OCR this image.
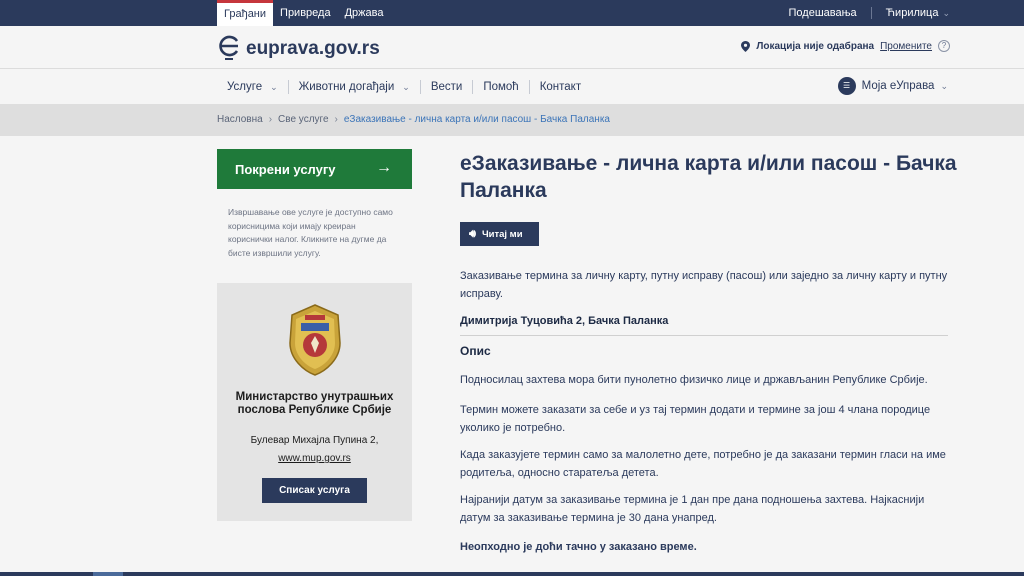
Грађани	Привреда	Држава	Подешавања	Ћирилица ⌄
euprava.gov.rs	Локација није одабрана Промените	?
Услуге ⌄ Животни догађаји ⌄ Вести Помоћ Контакт	☰ Моја еУправа ⌄
Насловна › Све услуге › еЗаказивање - лична карта и/или пасош - Бачка Паланка
Покрени услугу	→
Извршавање ове услуге је доступно само корисницима који имају креиран кориснички налог. Кликните на дугме да бисте извршили услугу.
Министарство унутрашњих послова Републике Србије
Булевар Михајла Пупина 2,
www.mup.gov.rs
Списак услуга
еЗаказивање - лична карта и/или пасош - Бачка Паланка
🔊︎ Читај ми
Заказивање термина за личну карту, путну исправу (пасош) или заједно за личну карту и путну исправу.
Димитрија Туцовића 2, Бачка Паланка
Опис
Подносилац захтева мора бити пунолетно физичко лице и држављанин Републике Србије.
Термин можете заказати за себе и уз тај термин додати и термине за још 4 члана породице уколико је потребно.
Када заказујете термин само за малолетно дете, потребно је да заказани термин гласи на име родитеља, односно старатеља детета.
Најранији датум за заказивање термина је 1 дан пре дана подношења захтева. Најкаснији датум за заказивање термина је 30 дана унапред.
Неопходно је доћи тачно у заказано време.
